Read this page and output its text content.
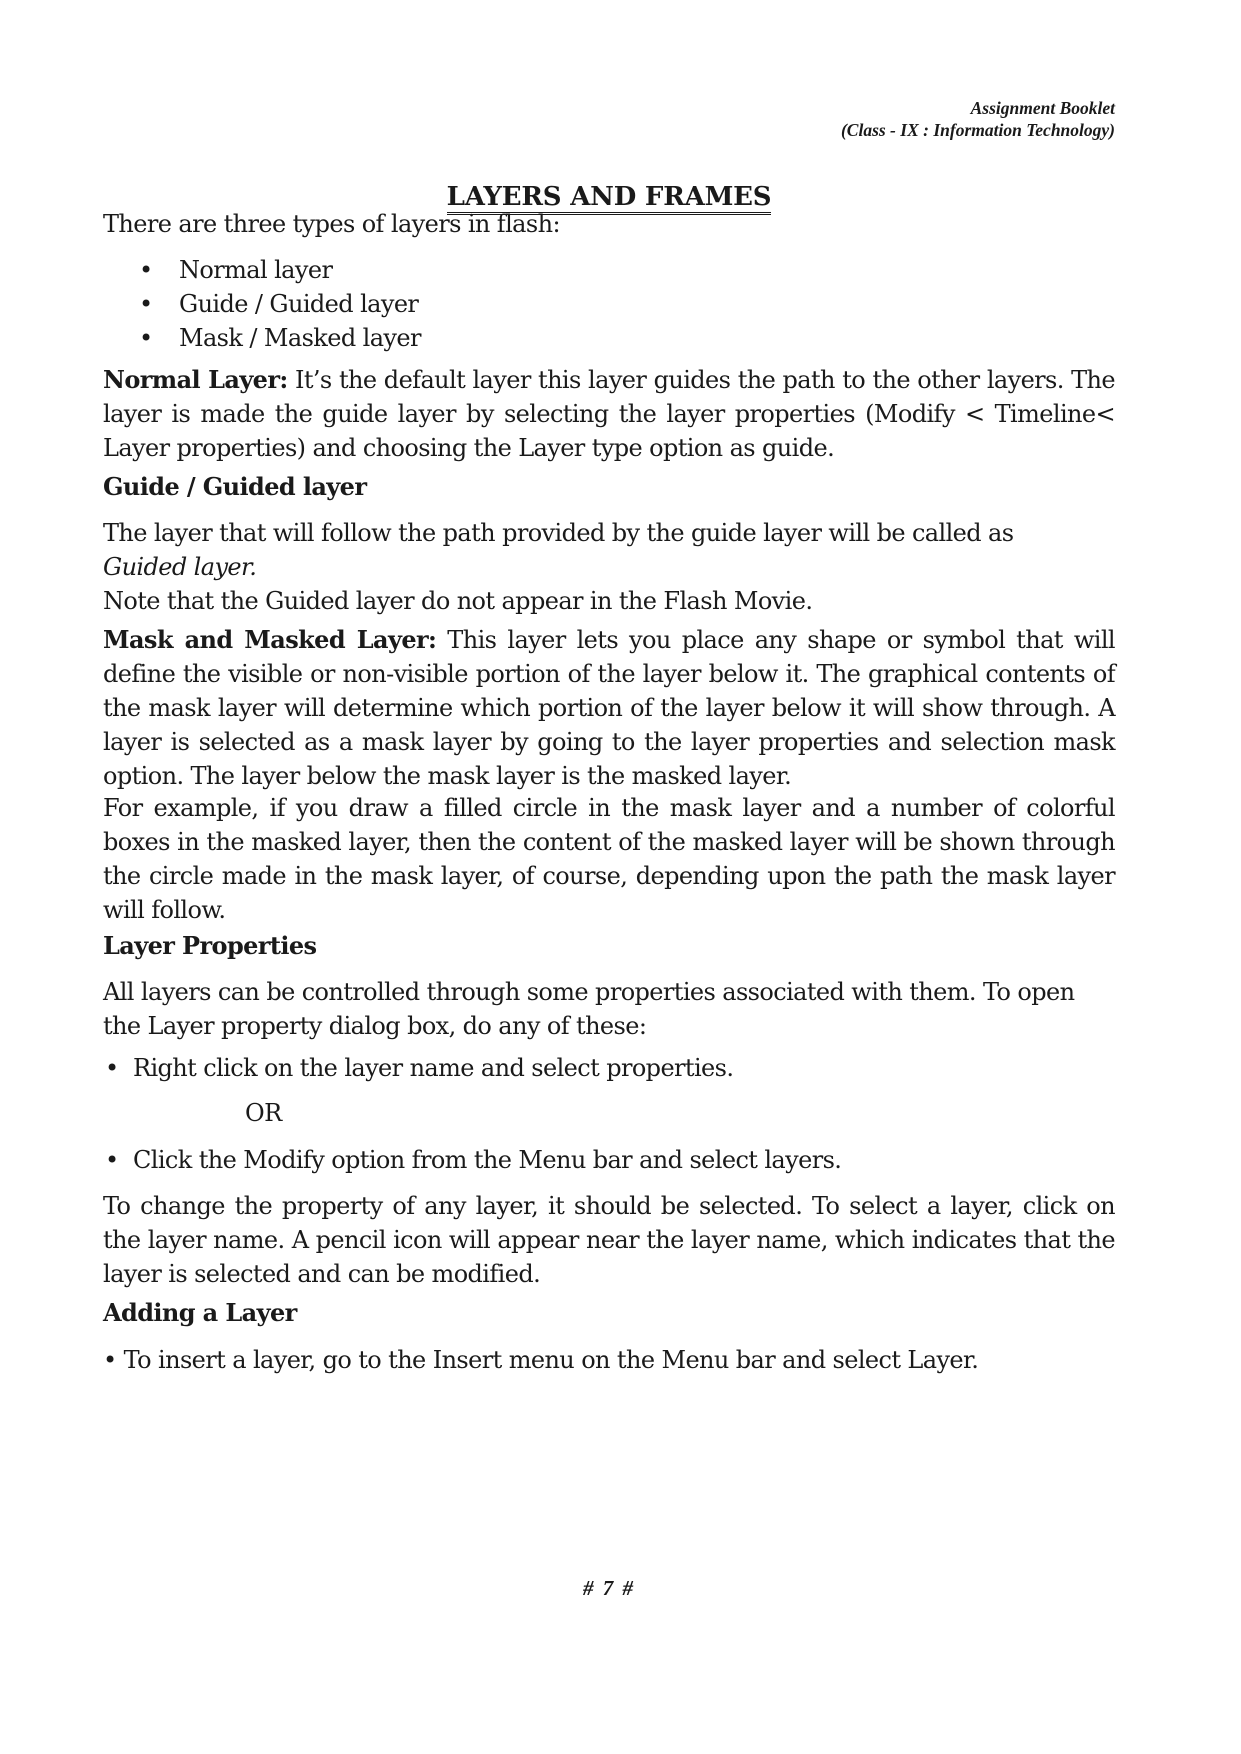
Assignment Booklet
(Class - IX : Information Technology)
LAYERS AND FRAMES
There are three types of layers in flash:
• Normal layer
• Guide / Guided layer
• Mask / Masked layer
Normal Layer: It’s the default layer this layer guides the path to the other layers. The layer is made the guide layer by selecting the layer properties (Modify < Timeline< Layer properties) and choosing the Layer type option as guide.
Guide / Guided layer
The layer that will follow the path provided by the guide layer will be called as
Guided layer.
Note that the Guided layer do not appear in the Flash Movie.
Mask and Masked Layer: This layer lets you place any shape or symbol that will define the visible or non-visible portion of the layer below it. The graphical contents of the mask layer will determine which portion of the layer below it will show through. A layer is selected as a mask layer by going to the layer properties and selection mask option. The layer below the mask layer is the masked layer.
For example, if you draw a filled circle in the mask layer and a number of colorful boxes in the masked layer, then the content of the masked layer will be shown through the circle made in the mask layer, of course, depending upon the path the mask layer will follow.
Layer Properties
All layers can be controlled through some properties associated with them. To open the Layer property dialog box, do any of these:
• Right click on the layer name and select properties.
OR
• Click the Modify option from the Menu bar and select layers.
To change the property of any layer, it should be selected. To select a layer, click on the layer name. A pencil icon will appear near the layer name, which indicates that the layer is selected and can be modified.
Adding a Layer
• To insert a layer, go to the Insert menu on the Menu bar and select Layer.
# 7 #
